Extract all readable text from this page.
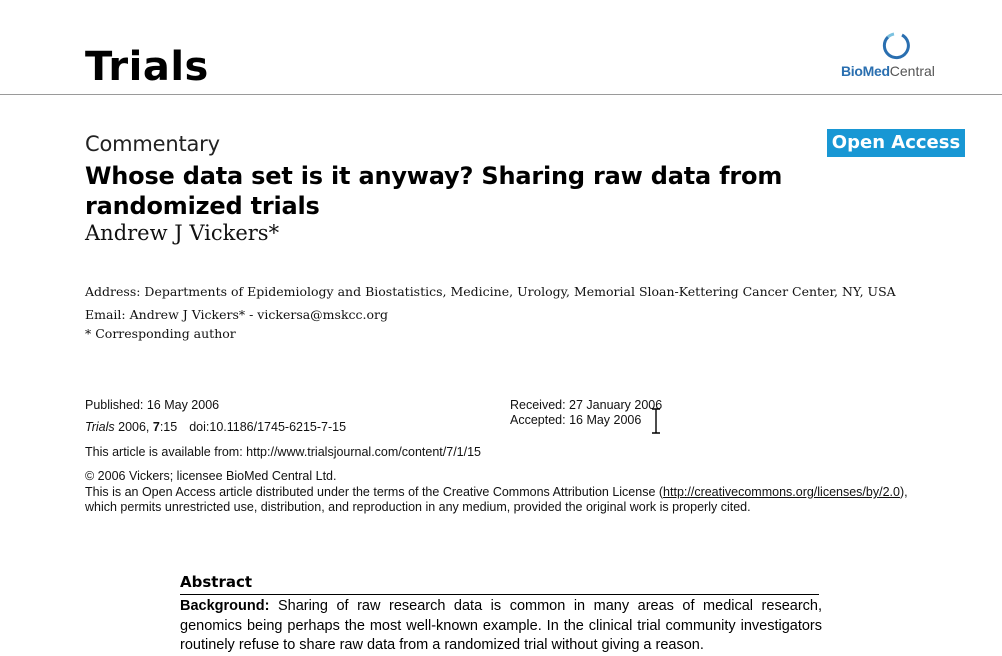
Trials	BioMedCentral
Commentary	Open Access
Whose data set is it anyway? Sharing raw data from randomized trials
Andrew J Vickers*
Address: Departments of Epidemiology and Biostatistics, Medicine, Urology, Memorial Sloan-Kettering Cancer Center, NY, USA
Email: Andrew J Vickers* - vickersa@mskcc.org
* Corresponding author
Published: 16 May 2006
Trials 2006, 7:15 doi:10.1186/1745-6215-7-15
Received: 27 January 2006
Accepted: 16 May 2006
This article is available from: http://www.trialsjournal.com/content/7/1/15
© 2006 Vickers; licensee BioMed Central Ltd.
This is an Open Access article distributed under the terms of the Creative Commons Attribution License (http://creativecommons.org/licenses/by/2.0),
which permits unrestricted use, distribution, and reproduction in any medium, provided the original work is properly cited.
Abstract
Background: Sharing of raw research data is common in many areas of medical research, genomics being perhaps the most well-known example. In the clinical trial community investigators routinely refuse to share raw data from a randomized trial without giving a reason.
